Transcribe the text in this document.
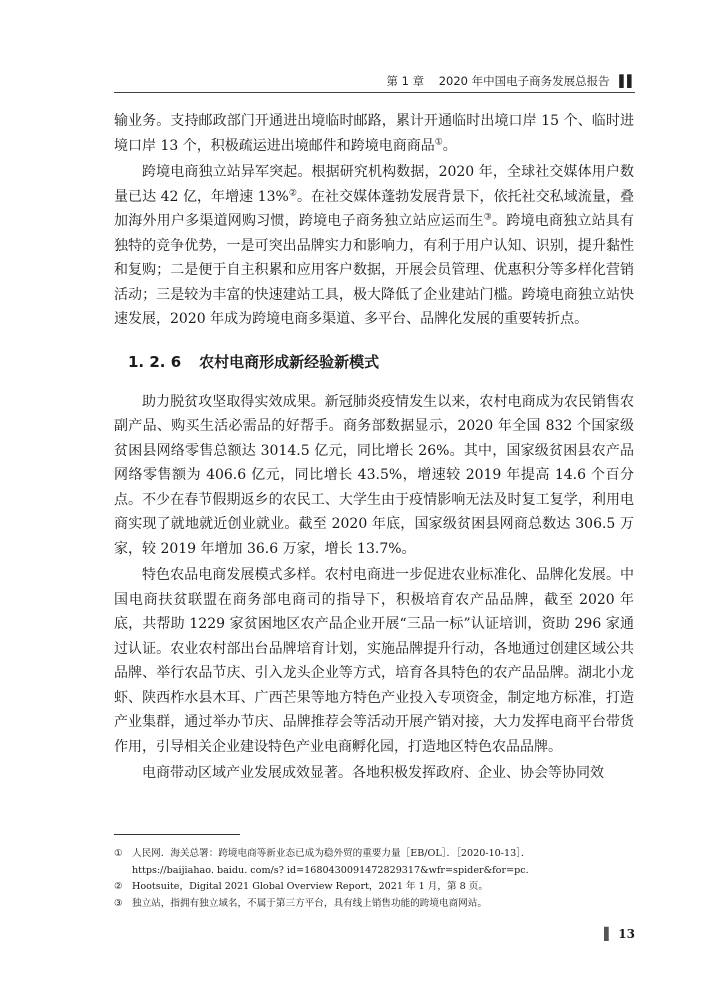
第 1 章 2020 年中国电子商务发展总报告 ▌▌

输业务。支持邮政部门开通进出境临时邮路，累计开通临时出境口岸 15 个、临时进境口岸 13 个，积极疏运进出境邮件和跨境电商商品①。

跨境电商独立站异军突起。根据研究机构数据，2020 年，全球社交媒体用户数量已达 42 亿，年增速 13%②。在社交媒体蓬勃发展背景下，依托社交私域流量，叠加海外用户多渠道网购习惯，跨境电子商务独立站应运而生③。跨境电商独立站具有独特的竞争优势，一是可突出品牌实力和影响力，有利于用户认知、识别，提升黏性和复购；二是便于自主积累和应用客户数据，开展会员管理、优惠积分等多样化营销活动；三是较为丰富的快速建站工具，极大降低了企业建站门槛。跨境电商独立站快速发展，2020 年成为跨境电商多渠道、多平台、品牌化发展的重要转折点。

1. 2. 6 农村电商形成新经验新模式

助力脱贫攻坚取得实效成果。新冠肺炎疫情发生以来，农村电商成为农民销售农副产品、购买生活必需品的好帮手。商务部数据显示，2020 年全国 832 个国家级贫困县网络零售总额达 3014.5 亿元，同比增长 26%。其中，国家级贫困县农产品网络零售额为 406.6 亿元，同比增长 43.5%，增速较 2019 年提高 14.6 个百分点。不少在春节假期返乡的农民工、大学生由于疫情影响无法及时复工复学，利用电商实现了就地就近创业就业。截至 2020 年底，国家级贫困县网商总数达 306.5 万家，较 2019 年增加 36.6 万家，增长 13.7%。

特色农品电商发展模式多样。农村电商进一步促进农业标准化、品牌化发展。中国电商扶贫联盟在商务部电商司的指导下，积极培育农产品品牌，截至 2020 年底，共帮助 1229 家贫困地区农产品企业开展“三品一标”认证培训，资助 296 家通过认证。农业农村部出台品牌培育计划，实施品牌提升行动，各地通过创建区域公共品牌、举行农品节庆、引入龙头企业等方式，培育各具特色的农产品品牌。湖北小龙虾、陕西柞水县木耳、广西芒果等地方特色产业投入专项资金，制定地方标准，打造产业集群，通过举办节庆、品牌推荐会等活动开展产销对接，大力发挥电商平台带货作用，引导相关企业建设特色产业电商孵化园，打造地区特色农品品牌。

电商带动区域产业发展成效显著。各地积极发挥政府、企业、协会等协同效

① 人民网．海关总署：跨境电商等新业态已成为稳外贸的重要力量［EB/OL］．［2020-10-13］．
https://baijiahao. baidu. com/s? id=1680430091472829317&wfr=spider&for=pc.
② Hootsuite，Digital 2021 Global Overview Report，2021 年 1 月，第 8 页。
③ 独立站，指拥有独立域名，不属于第三方平台，具有线上销售功能的跨境电商网站。
▌ 13
